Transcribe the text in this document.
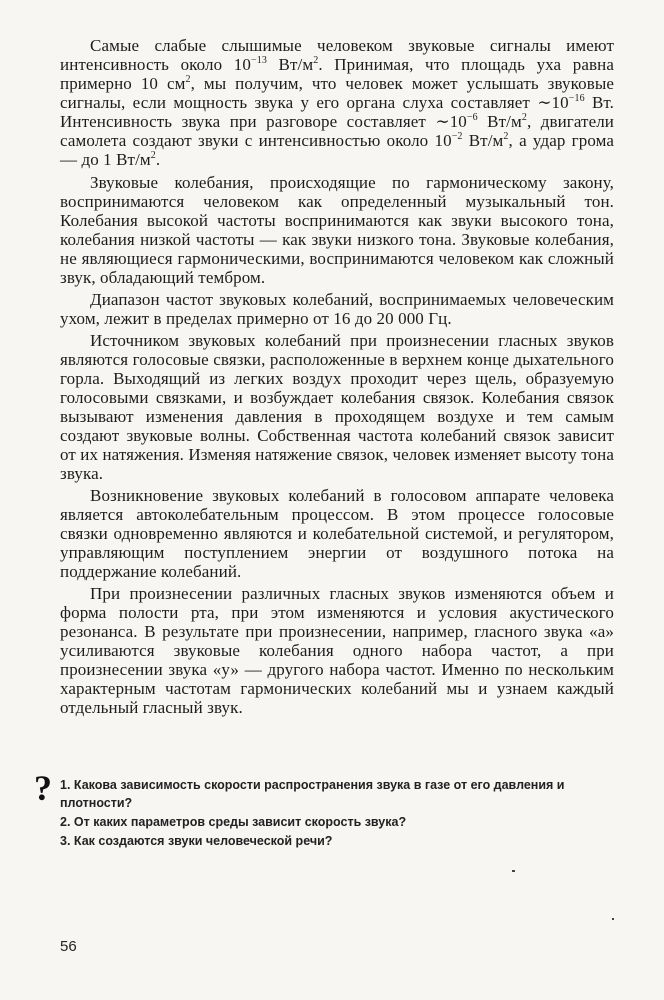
Самые слабые слышимые человеком звуковые сигналы имеют интенсивность около $10^{-13}$ $Вт/м^2$. Принимая, что площадь уха равна примерно 10 $см^2$, мы получим, что человек может услышать звуковые сигналы, если мощность звука у его органа слуха составляет $\sim 10^{-16}$ Вт. Интенсивность звука при разговоре составляет $\sim 10^{-6}$ $Вт/м^2$, двигатели самолета создают звуки с интенсивностью около $10^{-2}$ $Вт/м^2$, а удар грома — до 1 $Вт/м^2$.

Звуковые колебания, происходящие по гармоническому закону, воспринимаются человеком как определенный музыкальный тон. Колебания высокой частоты воспринимаются как звуки высокого тона, колебания низкой частоты — как звуки низкого тона. Звуковые колебания, не являющиеся гармоническими, воспринимаются человеком как сложный звук, обладающий тембром.

Диапазон частот звуковых колебаний, воспринимаемых человеческим ухом, лежит в пределах примерно от 16 до 20 000 Гц.

Источником звуковых колебаний при произнесении гласных звуков являются голосовые связки, расположенные в верхнем конце дыхательного горла. Выходящий из легких воздух проходит через щель, образуемую голосовыми связками, и возбуждает колебания связок. Колебания связок вызывают изменения давления в проходящем воздухе и тем самым создают звуковые волны. Собственная частота колебаний связок зависит от их натяжения. Изменяя натяжение связок, человек изменяет высоту тона звука.

Возникновение звуковых колебаний в голосовом аппарате человека является автоколебательным процессом. В этом процессе голосовые связки одновременно являются и колебательной системой, и регулятором, управляющим поступлением энергии от воздушного потока на поддержание колебаний.

При произнесении различных гласных звуков изменяются объем и форма полости рта, при этом изменяются и условия акустического резонанса. В результате при произнесении, например, гласного звука «а» усиливаются звуковые колебания одного набора частот, а при произнесении звука «у» — другого набора частот. Именно по нескольким характерным частотам гармонических колебаний мы и узнаем каждый отдельный гласный звук.

? 1. Какова зависимость скорости распространения звука в газе от его давления и плотности?
2. От каких параметров среды зависит скорость звука?
3. Как создаются звуки человеческой речи?
56
